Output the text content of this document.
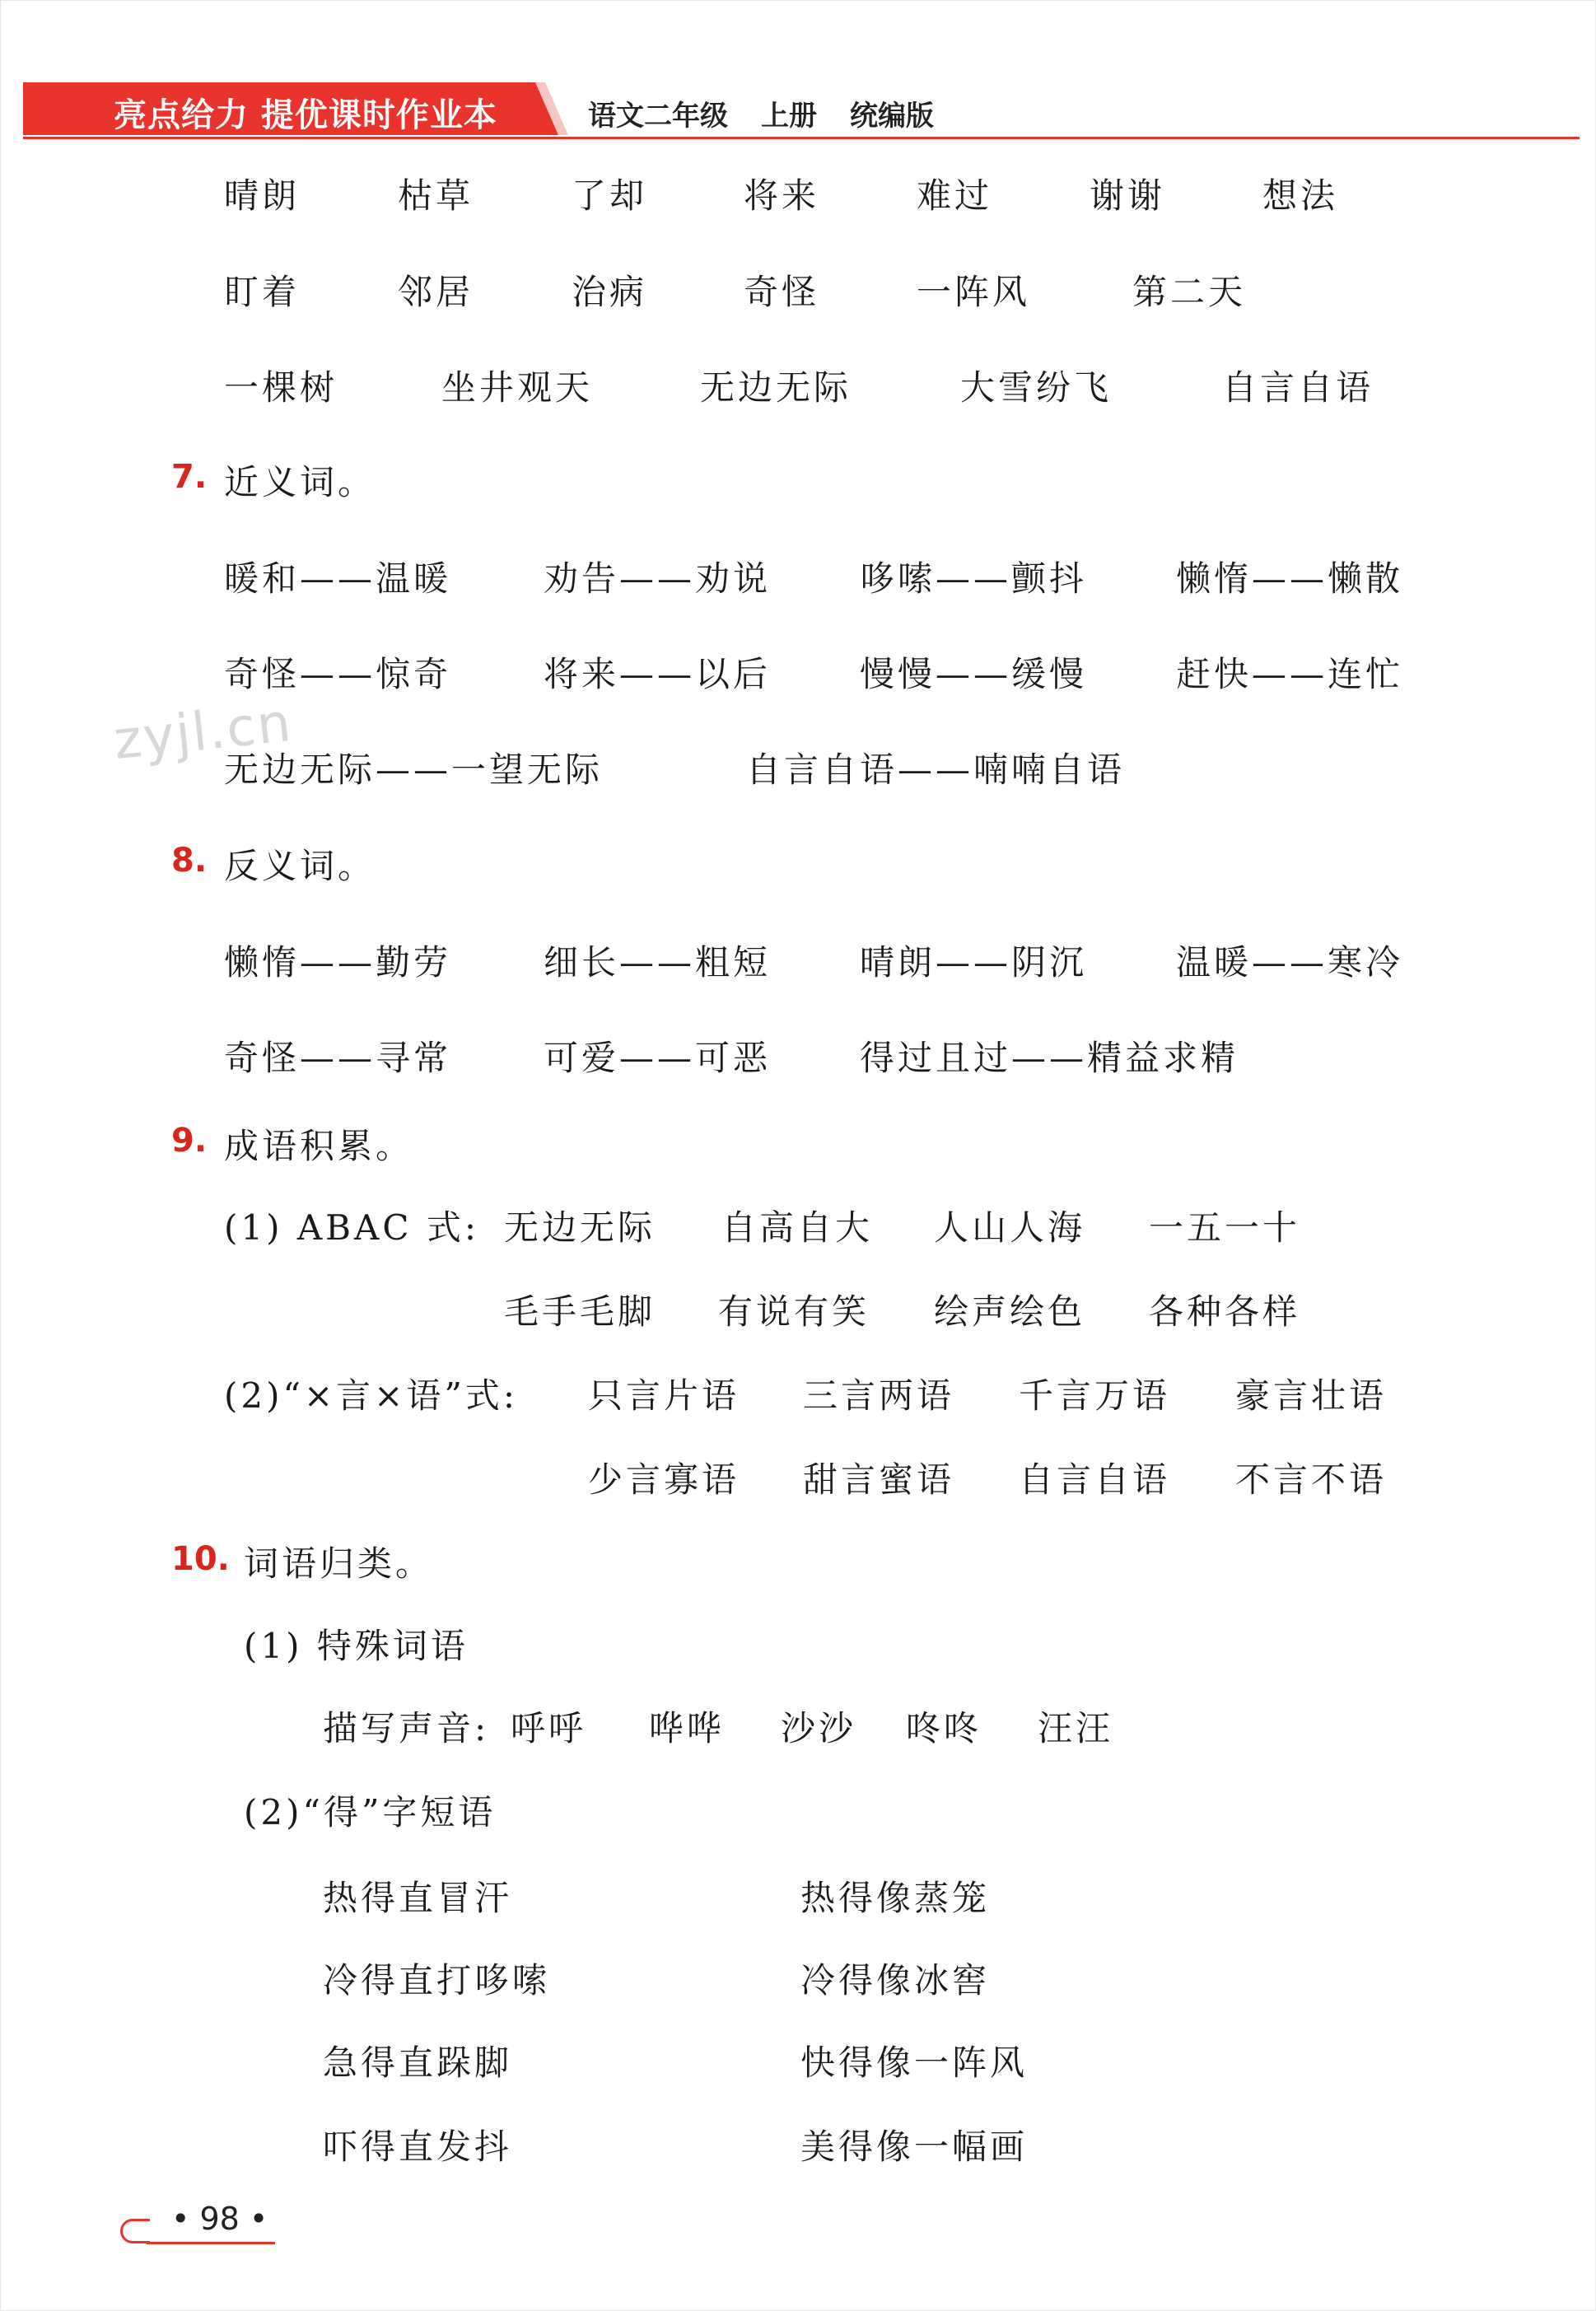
亮点给力 提优课时作业本	语文二年级 上册 统编版
晴朗	枯草	了却	将来	难过	谢谢	想法
盯着	邻居	治病	奇怪	一阵风	第二天
一棵树	坐井观天	无边无际	大雪纷飞	自言自语
7. 近义词。
暖和——温暖	劝告——劝说	哆嗦——颤抖	懒惰——懒散
奇怪——惊奇	将来——以后	慢慢——缓慢	赶快——连忙
zyjl.cn
无边无际——一望无际	自言自语——喃喃自语
8. 反义词。
懒惰——勤劳	细长——粗短	晴朗——阴沉	温暖——寒冷
奇怪——寻常	可爱——可恶	得过且过——精益求精
9. 成语积累。
(1) ABAC 式: 无边无际 自高自大 人山人海 一五一十
毛手毛脚 有说有笑 绘声绘色 各种各样
(2)“×言×语”式: 只言片语 三言两语 千言万语 豪言壮语
少言寡语 甜言蜜语 自言自语 不言不语
10. 词语归类。
(1) 特殊词语
描写声音: 呼呼 哗哗 沙沙 咚咚 汪汪
(2)“得”字短语
热得直冒汗	热得像蒸笼
冷得直打哆嗦	冷得像冰窖
急得直跺脚	快得像一阵风
吓得直发抖	美得像一幅画
• 98 •
